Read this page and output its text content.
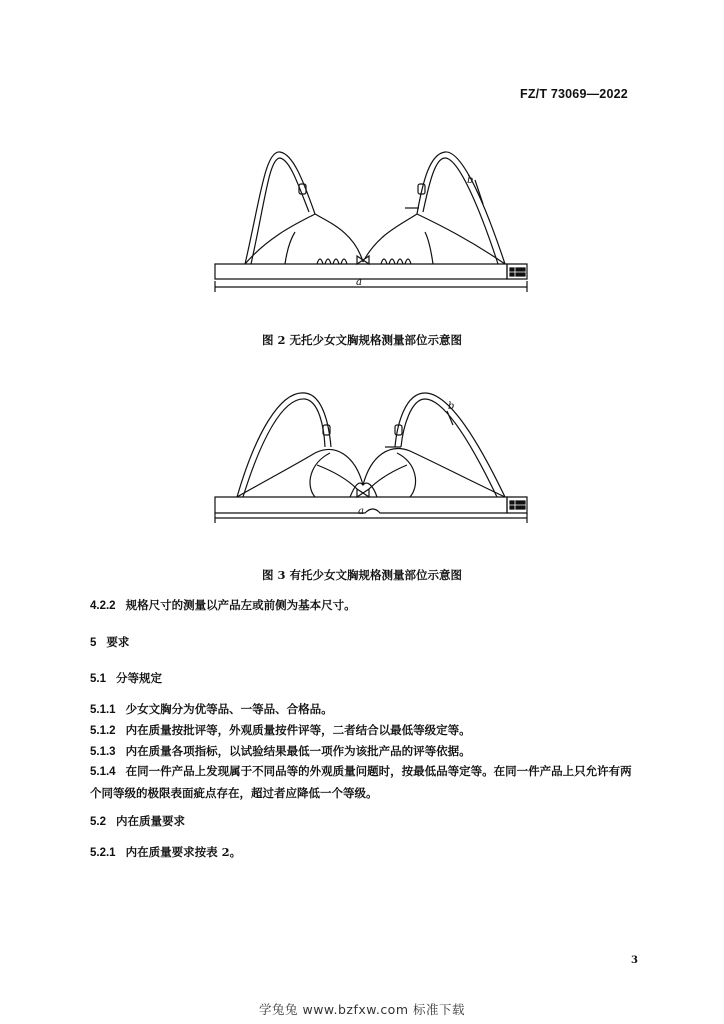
FZ/T 73069—2022
a
b
图 2 无托少女文胸规格测量部位示意图
a
b
图 3 有托少女文胸规格测量部位示意图
4.2.2 规格尺寸的测量以产品左或前侧为基本尺寸。
5 要求
5.1 分等规定
5.1.1 少女文胸分为优等品、一等品、合格品。
5.1.2 内在质量按批评等，外观质量按件评等，二者结合以最低等级定等。
5.1.3 内在质量各项指标，以试验结果最低一项作为该批产品的评等依据。
5.1.4 在同一件产品上发现属于不同品等的外观质量问题时，按最低品等定等。在同一件产品上只允许有两个同等级的极限表面疵点存在，超过者应降低一个等级。
5.2 内在质量要求
5.2.1 内在质量要求按表 2。
3
学兔兔 www.bzfxw.com 标准下载
